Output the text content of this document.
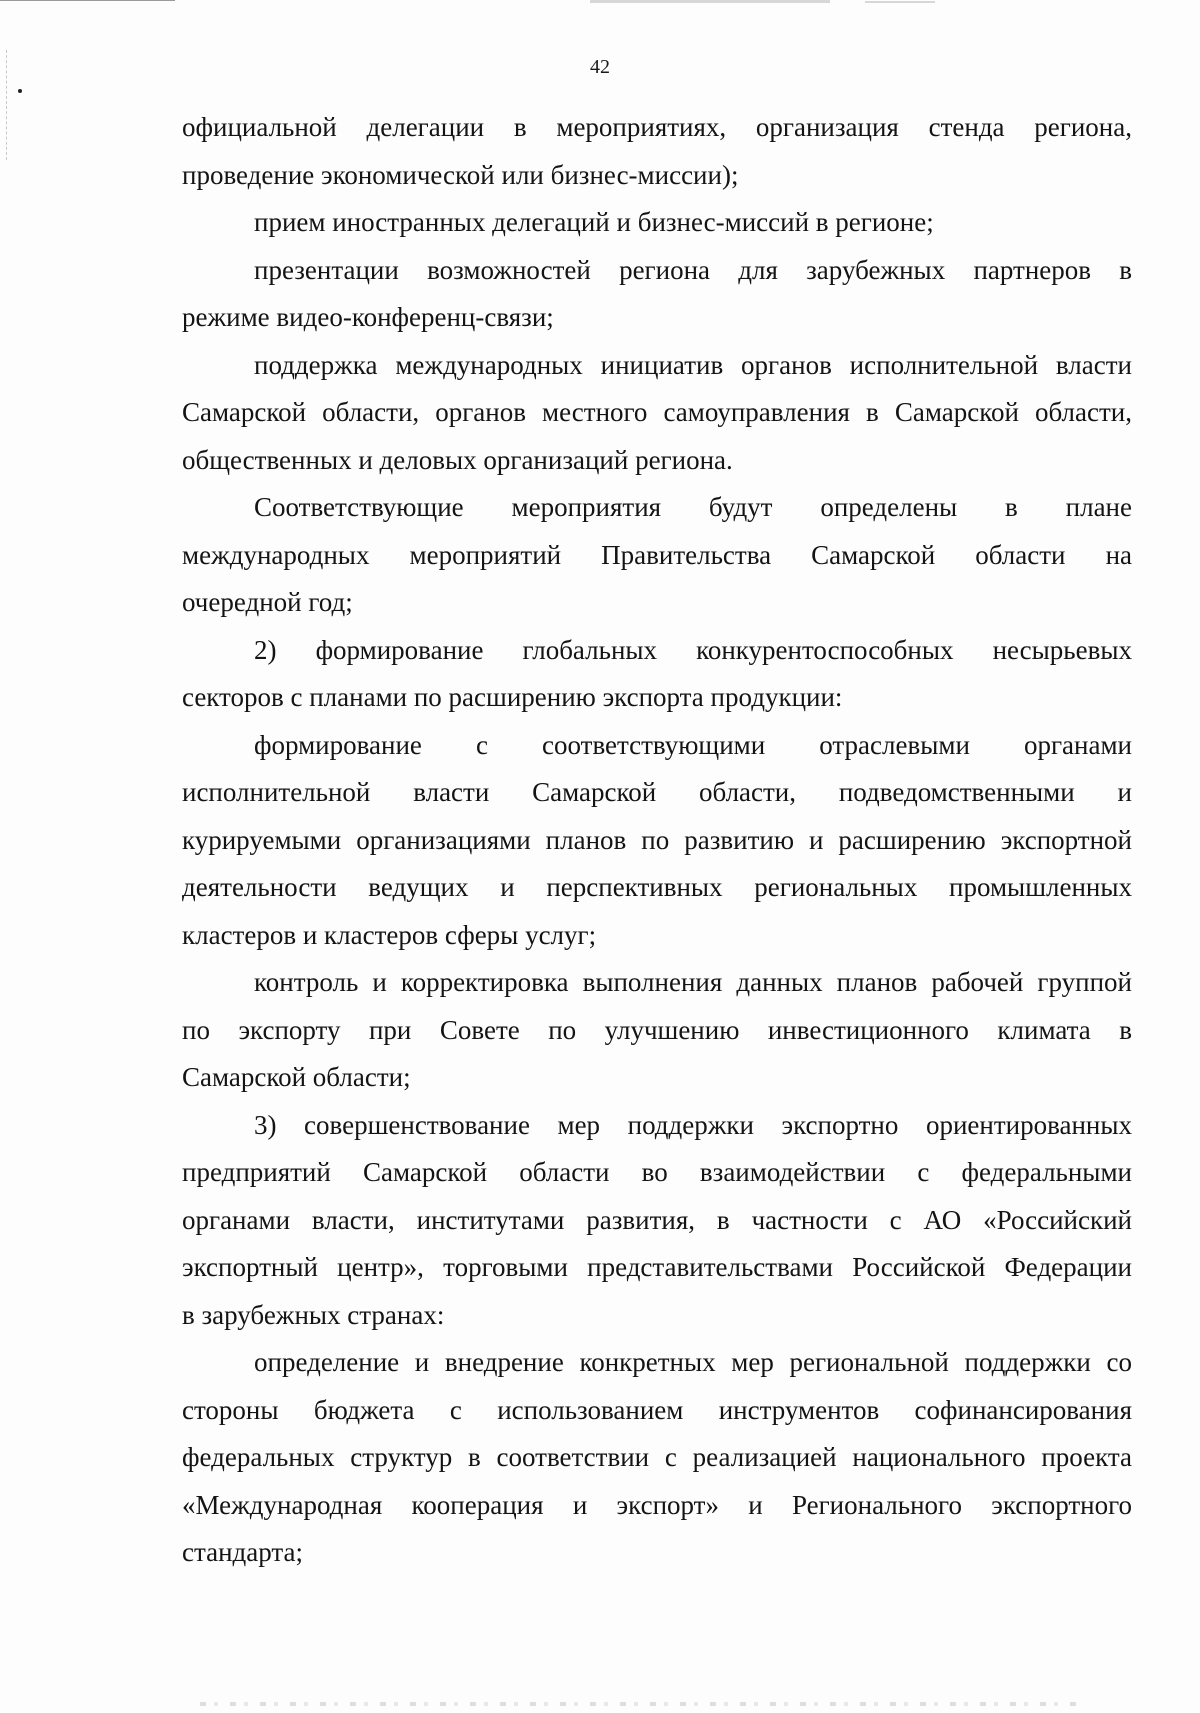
42

официальной делегации в мероприятиях, организация стенда региона,

проведение экономической или бизнес-миссии);

прием иностранных делегаций и бизнес-миссий в регионе;

презентации возможностей региона для зарубежных партнеров в

режиме видео-конференц-связи;

поддержка международных инициатив органов исполнительной власти

Самарской области, органов местного самоуправления в Самарской области,

общественных и деловых организаций региона.

Соответствующие мероприятия будут определены в плане

международных мероприятий Правительства Самарской области на

очередной год;

2) формирование глобальных конкурентоспособных несырьевых

секторов с планами по расширению экспорта продукции:

формирование с соответствующими отраслевыми органами

исполнительной власти Самарской области, подведомственными и

курируемыми организациями планов по развитию и расширению экспортной

деятельности ведущих и перспективных региональных промышленных

кластеров и кластеров сферы услуг;

контроль и корректировка выполнения данных планов рабочей группой

по экспорту при Совете по улучшению инвестиционного климата в

Самарской области;

3) совершенствование мер поддержки экспортно ориентированных

предприятий Самарской области во взаимодействии с федеральными

органами власти, институтами развития, в частности с АО «Российский

экспортный центр», торговыми представительствами Российской Федерации

в зарубежных странах:

определение и внедрение конкретных мер региональной поддержки со

стороны бюджета с использованием инструментов софинансирования

федеральных структур в соответствии с реализацией национального проекта

«Международная кооперация и экспорт» и Регионального экспортного

стандарта;
